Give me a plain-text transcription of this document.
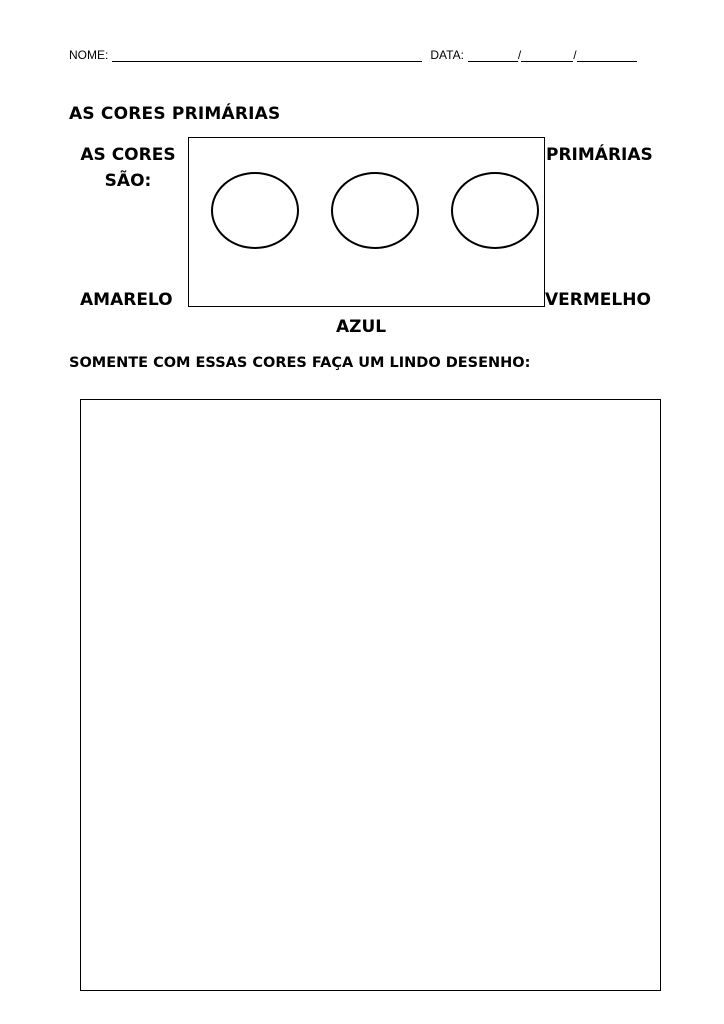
NOME:	DATA:	/	/
AS CORES PRIMÁRIAS
AS CORES
SÃO:
PRIMÁRIAS
AMARELO	VERMELHO
AZUL
SOMENTE COM ESSAS CORES FAÇA UM LINDO DESENHO:
